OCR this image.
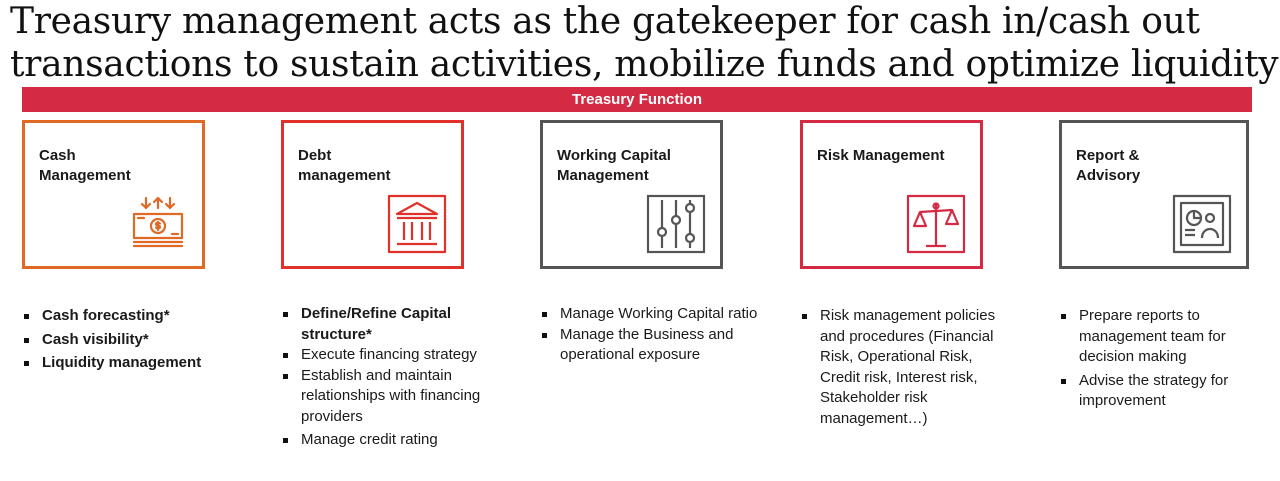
Treasury management acts as the gatekeeper for cash in/cash out
transactions to sustain activities, mobilize funds and optimize liquidity
Treasury Function
Cash
Management
Cash forecasting*
Cash visibility*
Liquidity management
Debt
management
Define/Refine Capital structure*
Execute financing strategy
Establish and maintain relationships with financing providers
Manage credit rating
Working Capital
Management
Manage Working Capital ratio
Manage the Business and operational exposure
Risk Management
Risk management policies and procedures (Financial Risk, Operational Risk, Credit risk, Interest risk, Stakeholder risk management…)
Report &
Advisory
Prepare reports to management team for decision making
Advise the strategy for improvement
